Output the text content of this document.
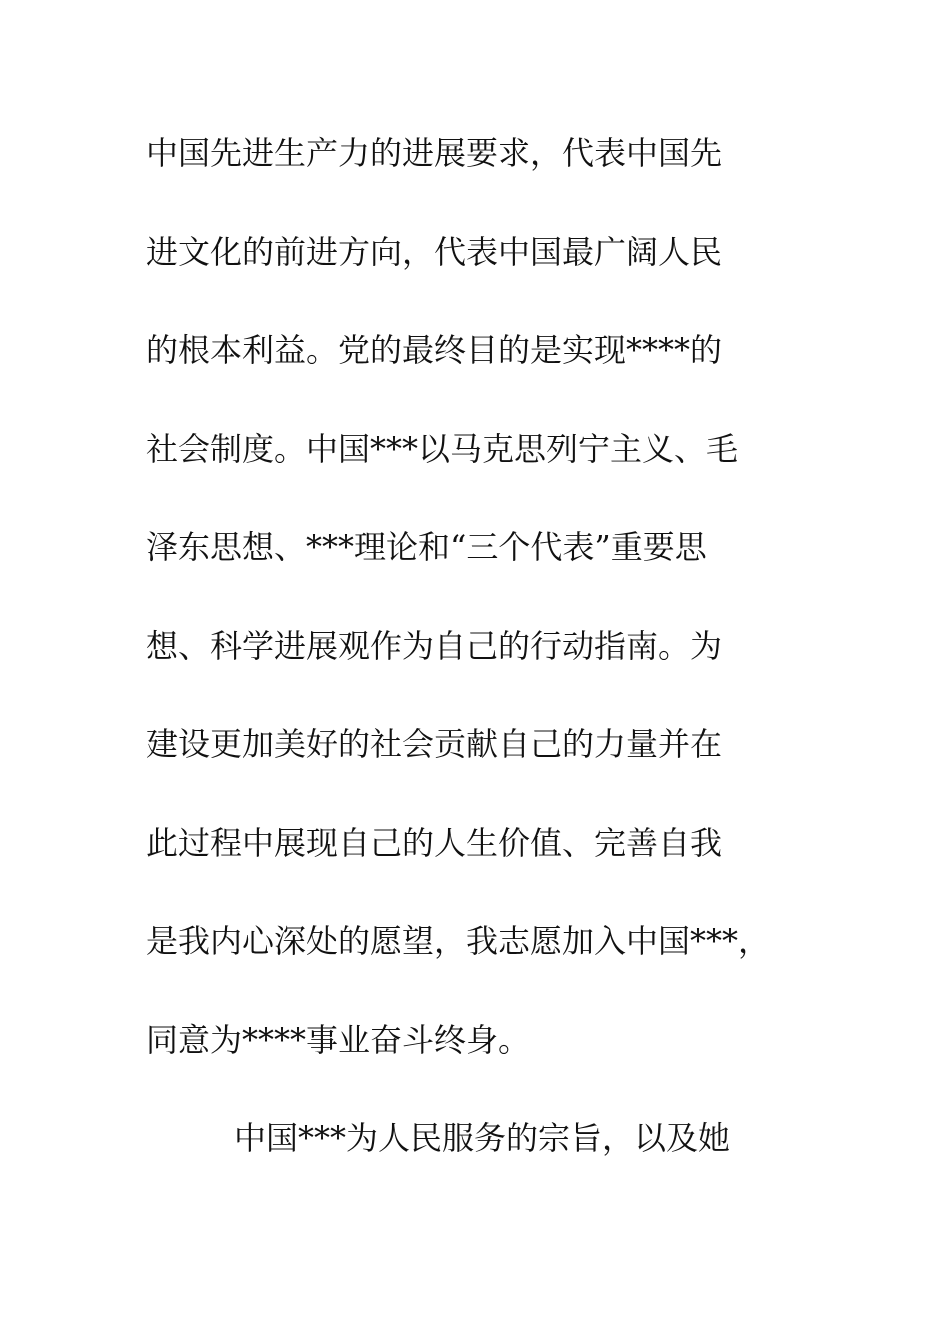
中国先进生产力的进展要求，代表中国先
进文化的前进方向，代表中国最广阔人民
的根本利益。党的最终目的是实现****的
社会制度。中国***以马克思列宁主义、毛
泽东思想、***理论和“三个代表”重要思
想、科学进展观作为自己的行动指南。为
建设更加美好的社会贡献自己的力量并在
此过程中展现自己的人生价值、完善自我
是我内心深处的愿望，我志愿加入中国***，
同意为****事业奋斗终身。
中国***为人民服务的宗旨，以及她
